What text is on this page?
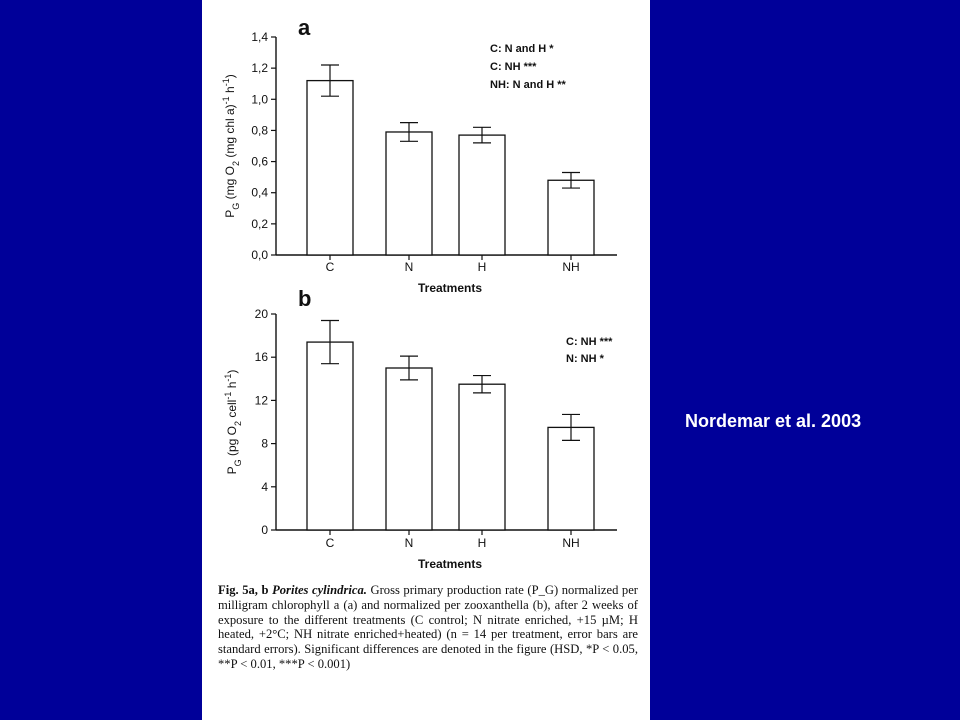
a
0,0
0,2
0,4
0,6
0,8
1,0
1,2
1,4
C	N	H	NH
Treatments
$P_G$ (mg $O_2$ (mg chl a)$^{-1}$ $h^{-1}$)
C: N and H *
C: NH ***
NH: N and H **
b
0
4
8
12
16
20
C	N	H	NH
Treatments
$P_G$ (pg $O_2$ cell$^{-1}$ $h^{-1}$)
C: NH ***
N: NH *
Fig. 5a, b Porites cylindrica. Gross primary production rate (P_G) normalized per milligram chlorophyll a (a) and normalized per zooxanthella (b), after 2 weeks of exposure to the different treatments (C control; N nitrate enriched, +15 µM; H heated, +2°C; NH nitrate enriched+heated) (n = 14 per treatment, error bars are standard errors). Significant differences are denoted in the figure (HSD, *P < 0.05, **P < 0.01, ***P < 0.001)
Nordemar et al. 2003
